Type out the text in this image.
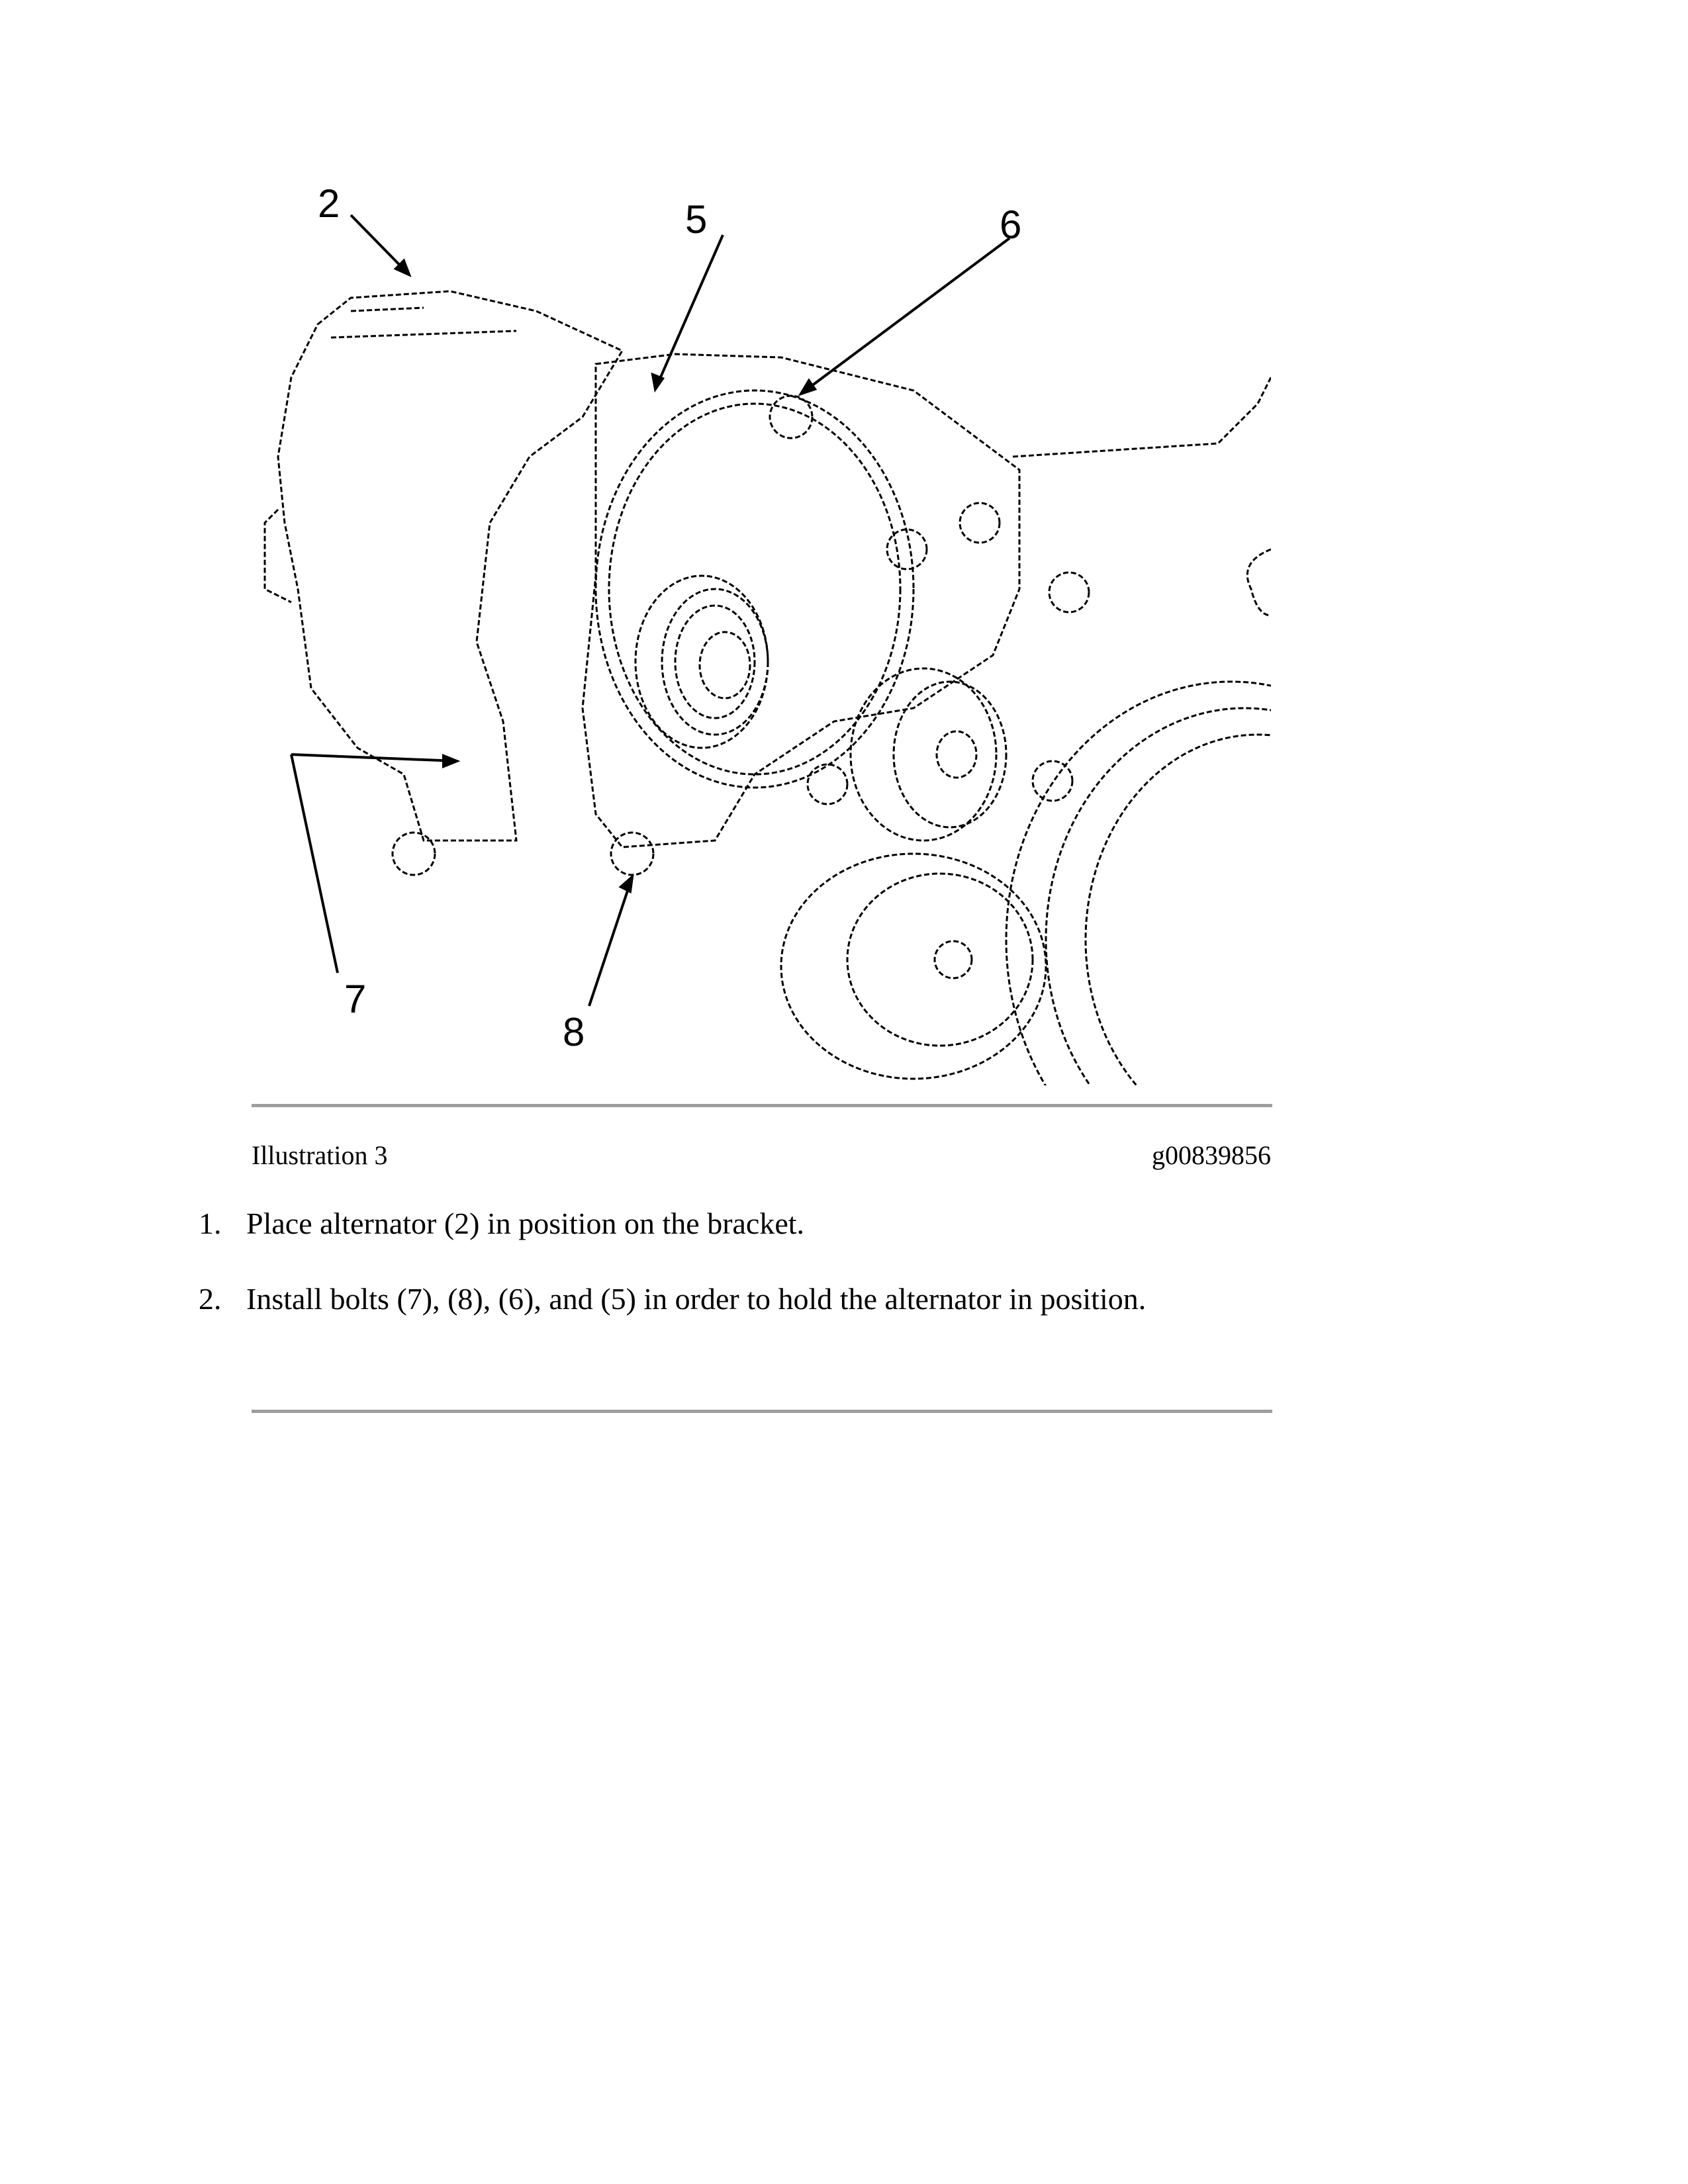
2	5	6
7
8
Illustration 3	g00839856
1. Place alternator (2) in position on the bracket.
2. Install bolts (7), (8), (6), and (5) in order to hold the alternator in position.
